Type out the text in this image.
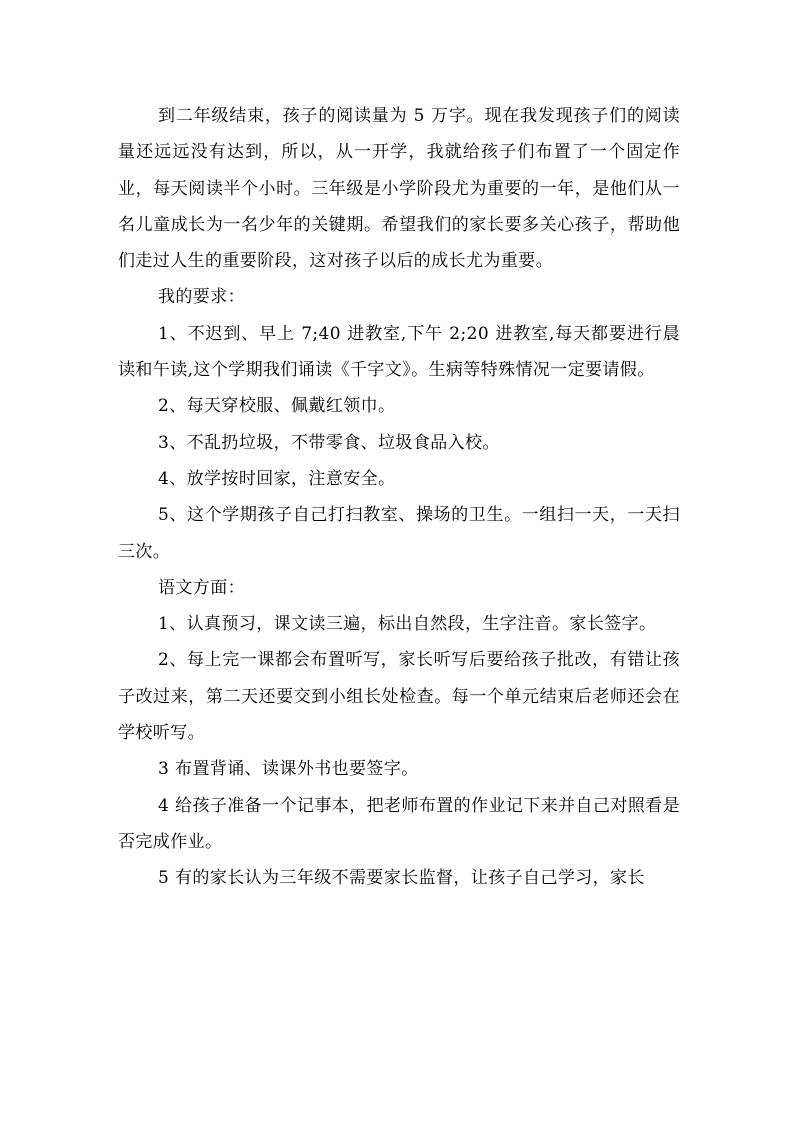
到二年级结束，孩子的阅读量为 5 万字。现在我发现孩子们的阅读量还远远没有达到，所以，从一开学，我就给孩子们布置了一个固定作业，每天阅读半个小时。三年级是小学阶段尤为重要的一年，是他们从一名儿童成长为一名少年的关键期。希望我们的家长要多关心孩子，帮助他们走过人生的重要阶段，这对孩子以后的成长尤为重要。

我的要求：

1、不迟到、早上 7;40 进教室,下午 2;20 进教室,每天都要进行晨读和午读,这个学期我们诵读《千字文》。生病等特殊情况一定要请假。

2、每天穿校服、佩戴红领巾。

3、不乱扔垃圾，不带零食、垃圾食品入校。

4、放学按时回家，注意安全。

5、这个学期孩子自己打扫教室、操场的卫生。一组扫一天，一天扫三次。

语文方面：

1、认真预习，课文读三遍，标出自然段，生字注音。家长签字。

2、每上完一课都会布置听写，家长听写后要给孩子批改，有错让孩子改过来，第二天还要交到小组长处检查。每一个单元结束后老师还会在学校听写。

3 布置背诵、读课外书也要签字。

4 给孩子准备一个记事本，把老师布置的作业记下来并自己对照看是否完成作业。

5 有的家长认为三年级不需要家长监督，让孩子自己学习，家长
